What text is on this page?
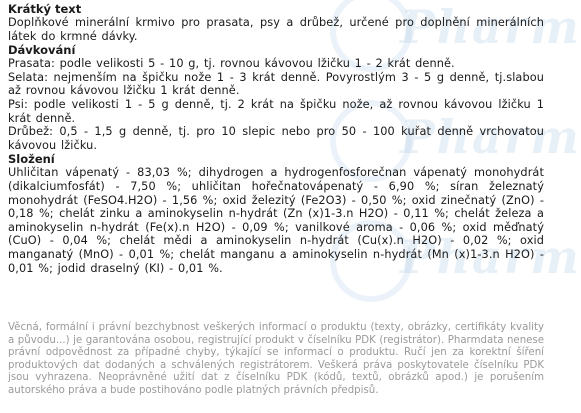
Pharm
Pharm
Pharm
Krátký text

Doplňkové minerální krmivo pro prasata, psy a drůbež, určené pro doplnění minerálních látek do krmné dávky.

Dávkování

Prasata: podle velikosti 5 - 10 g, tj. rovnou kávovou lžičku 1 - 2 krát denně.

Selata: nejmenším na špičku nože 1 - 3 krát denně. Povyrostlým 3 - 5 g denně, tj.slabou až rovnou kávovou lžičku 1 krát denně.

Psi: podle velikosti 1 - 5 g denně, tj. 2 krát na špičku nože, až rovnou kávovou lžičku 1 krát denně.

Drůbež: 0,5 - 1,5 g denně, tj. pro 10 slepic nebo pro 50 - 100 kuřat denně vrchovatou kávovou lžičku.

Složení

Uhličitan vápenatý - 83,03 %; dihydrogen a hydrogenfosforečnan vápenatý monohydrát (dikalciumfosfát) - 7,50 %; uhličitan hořečnatovápenatý - 6,90 %; síran železnatý monohydrát (FeSO4.H2O) - 1,56 %; oxid železitý (Fe2O3) - 0,50 %; oxid zinečnatý (ZnO) - 0,18 %; chelát zinku a aminokyselin n-hydrát (Zn (x)1-3.n H2O) - 0,11 %; chelát železa a aminokyselin n-hydrát (Fe(x).n H2O) - 0,09 %; vanilkové aroma - 0,06 %; oxid měďnatý (CuO) - 0,04 %; chelát mědi a aminokyselin n-hydrát (Cu(x).n H2O) - 0,02 %; oxid manganatý (MnO) - 0,01 %; chelát manganu a aminokyselin n-hydrát (Mn (x)1-3.n H2O) - 0,01 %; jodid draselný (KI) - 0,01 %.

Věcná, formální i právní bezchybnost veškerých informací o produktu (texty, obrázky, certifikáty kvality a původu...) je garantována osobou, registrující produkt v číselníku PDK (registrátor). Pharmdata nenese právní odpovědnost za případné chyby, týkající se informací o produktu. Ručí jen za korektní šíření produktových dat dodaných a schválených registrátorem. Veškerá práva poskytovatele číselníku PDK jsou vyhrazena. Neoprávněné užití dat z číselníku PDK (kódů, textů, obrázků apod.) je porušením autorského práva a bude postihováno podle platných právních předpisů.
